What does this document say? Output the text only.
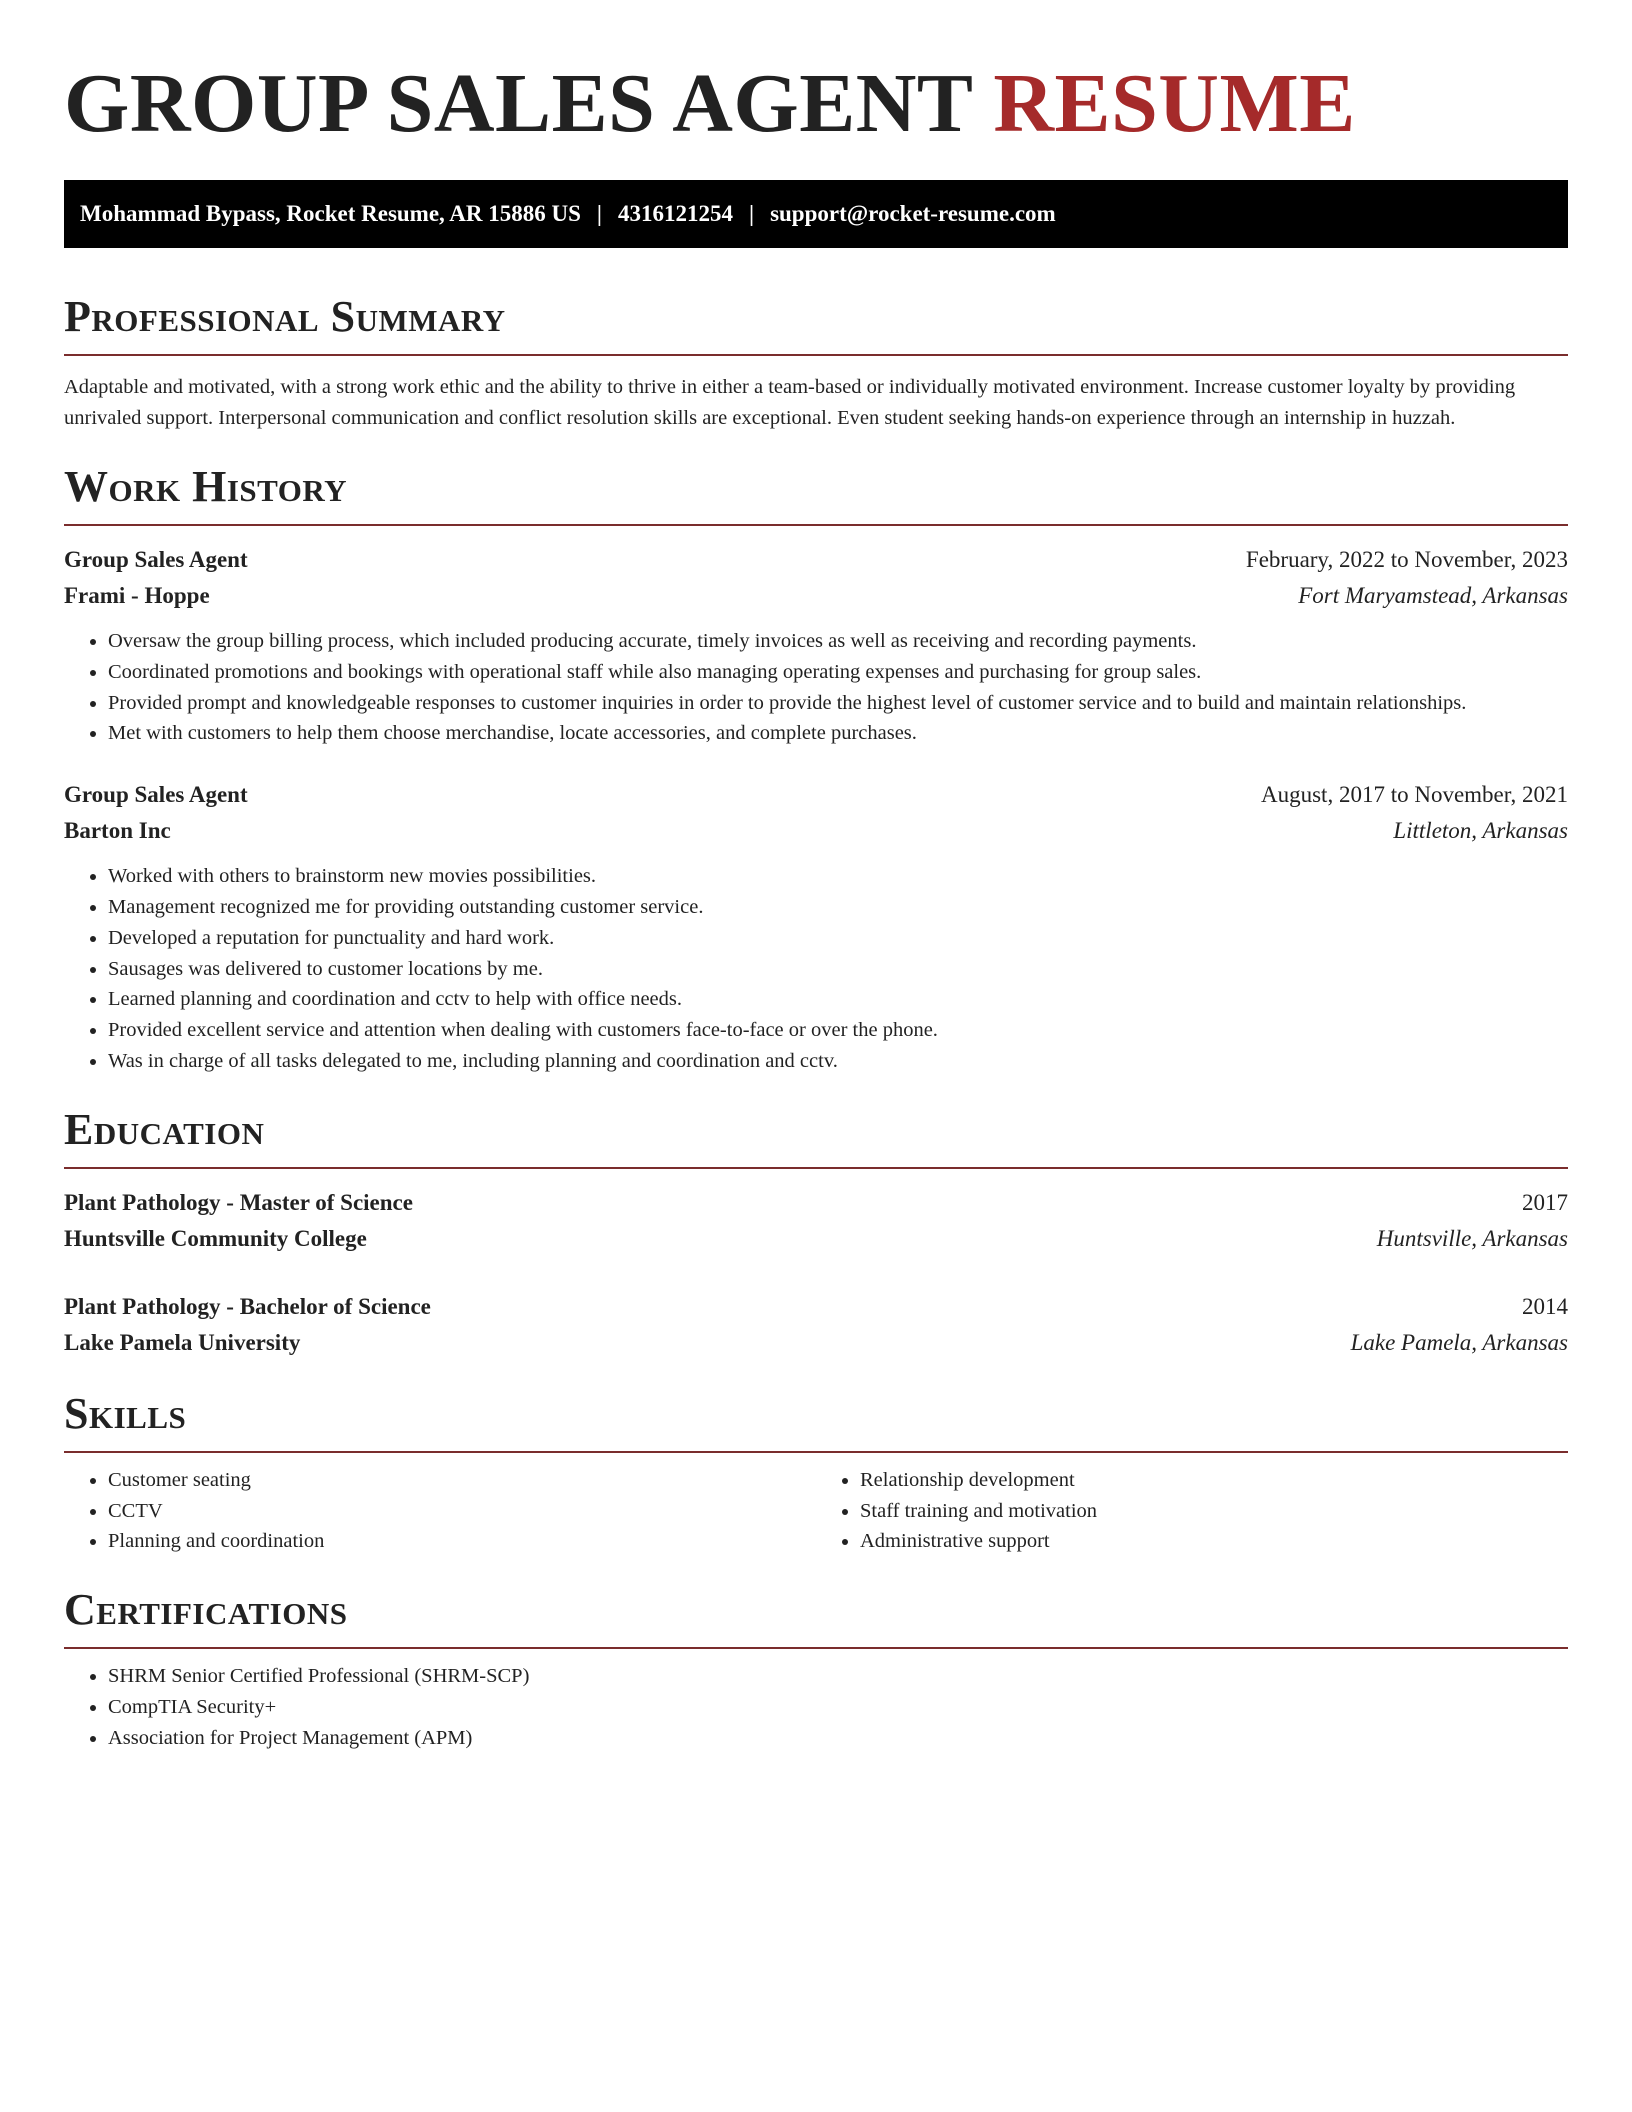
GROUP SALES AGENT RESUME
Mohammad Bypass, Rocket Resume, AR 15886 US | 4316121254 | support@rocket-resume.com
Professional Summary

Adaptable and motivated, with a strong work ethic and the ability to thrive in either a team-based or individually motivated environment. Increase customer loyalty by providing unrivaled support. Interpersonal communication and conflict resolution skills are exceptional. Even student seeking hands-on experience through an internship in huzzah.

Work History
Group Sales Agent	February, 2022 to November, 2023
Frami - Hoppe	Fort Maryamstead, Arkansas
• Oversaw the group billing process, which included producing accurate, timely invoices as well as receiving and recording payments.
• Coordinated promotions and bookings with operational staff while also managing operating expenses and purchasing for group sales.
• Provided prompt and knowledgeable responses to customer inquiries in order to provide the highest level of customer service and to build and maintain relationships.
• Met with customers to help them choose merchandise, locate accessories, and complete purchases.
Group Sales Agent	August, 2017 to November, 2021
Barton Inc	Littleton, Arkansas
• Worked with others to brainstorm new movies possibilities.
• Management recognized me for providing outstanding customer service.
• Developed a reputation for punctuality and hard work.
• Sausages was delivered to customer locations by me.
• Learned planning and coordination and cctv to help with office needs.
• Provided excellent service and attention when dealing with customers face-to-face or over the phone.
• Was in charge of all tasks delegated to me, including planning and coordination and cctv.
Education
Plant Pathology - Master of Science	2017
Huntsville Community College	Huntsville, Arkansas
Plant Pathology - Bachelor of Science	2014
Lake Pamela University	Lake Pamela, Arkansas
Skills
• Customer seating
• CCTV
• Planning and coordination
• Relationship development
• Staff training and motivation
• Administrative support
Certifications
• SHRM Senior Certified Professional (SHRM-SCP)
• CompTIA Security+
• Association for Project Management (APM)
